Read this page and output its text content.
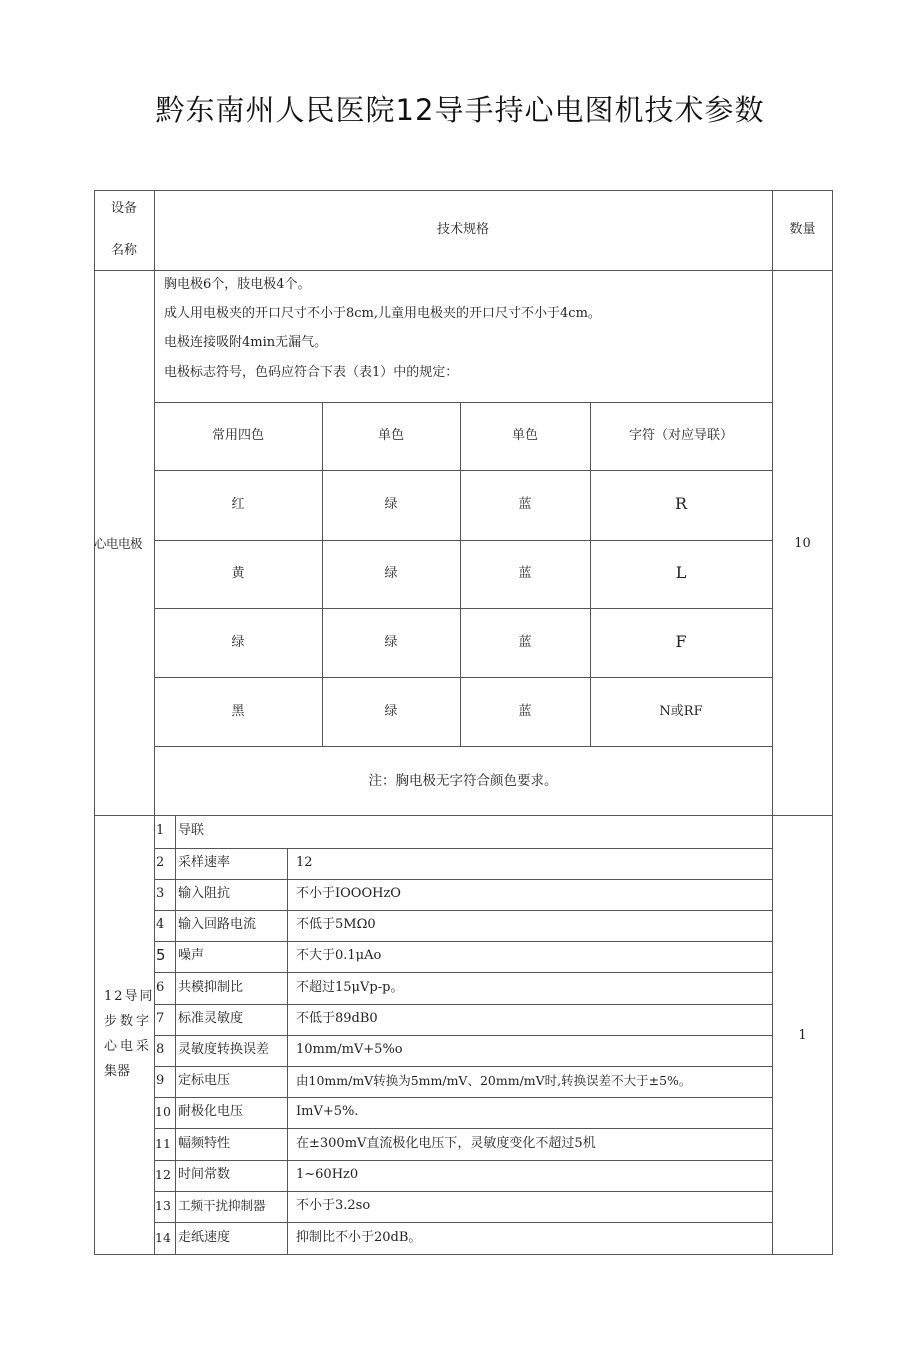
黔东南州人民医院12导手持心电图机技术参数
设备
名称
技术规格	数量
心电电极	10
胸电极6个，肢电极4个。
成人用电极夹的开口尺寸不小于8cm,儿童用电极夹的开口尺寸不小于4cm。
电极连接吸附4min无漏气。
电极标志符号，色码应符合下表（表1）中的规定：
常用四色	单色	单色	字符（对应导联）
红	绿	蓝	R
黄	绿	蓝	L
绿	绿	蓝	F
黑	绿	蓝	N或RF
注：胸电极无字符合颜色要求。
12导同
步数字
心电采
集器
1
1 导联
2 采样速率	12
3 输入阻抗	不小于IOOOHzO
4 输入回路电流	不低于5MΩ0
5 噪声	不大于0.1μAo
6 共模抑制比	不超过15μVp-p。
7 标准灵敏度	不低于89dB0
8 灵敏度转换误差 10mm/mV+5%o
9 定标电压	由10mm/mV转换为5mm/mV、20mm/mV时,转换误差不大于±5%。
10 耐极化电压	ImV+5%.
11 幅频特性	在±300mV直流极化电压下，灵敏度变化不超过5机
12 时间常数	1~60Hz0
13 工频干扰抑制器 不小于3.2so
14 走纸速度	抑制比不小于20dB。
